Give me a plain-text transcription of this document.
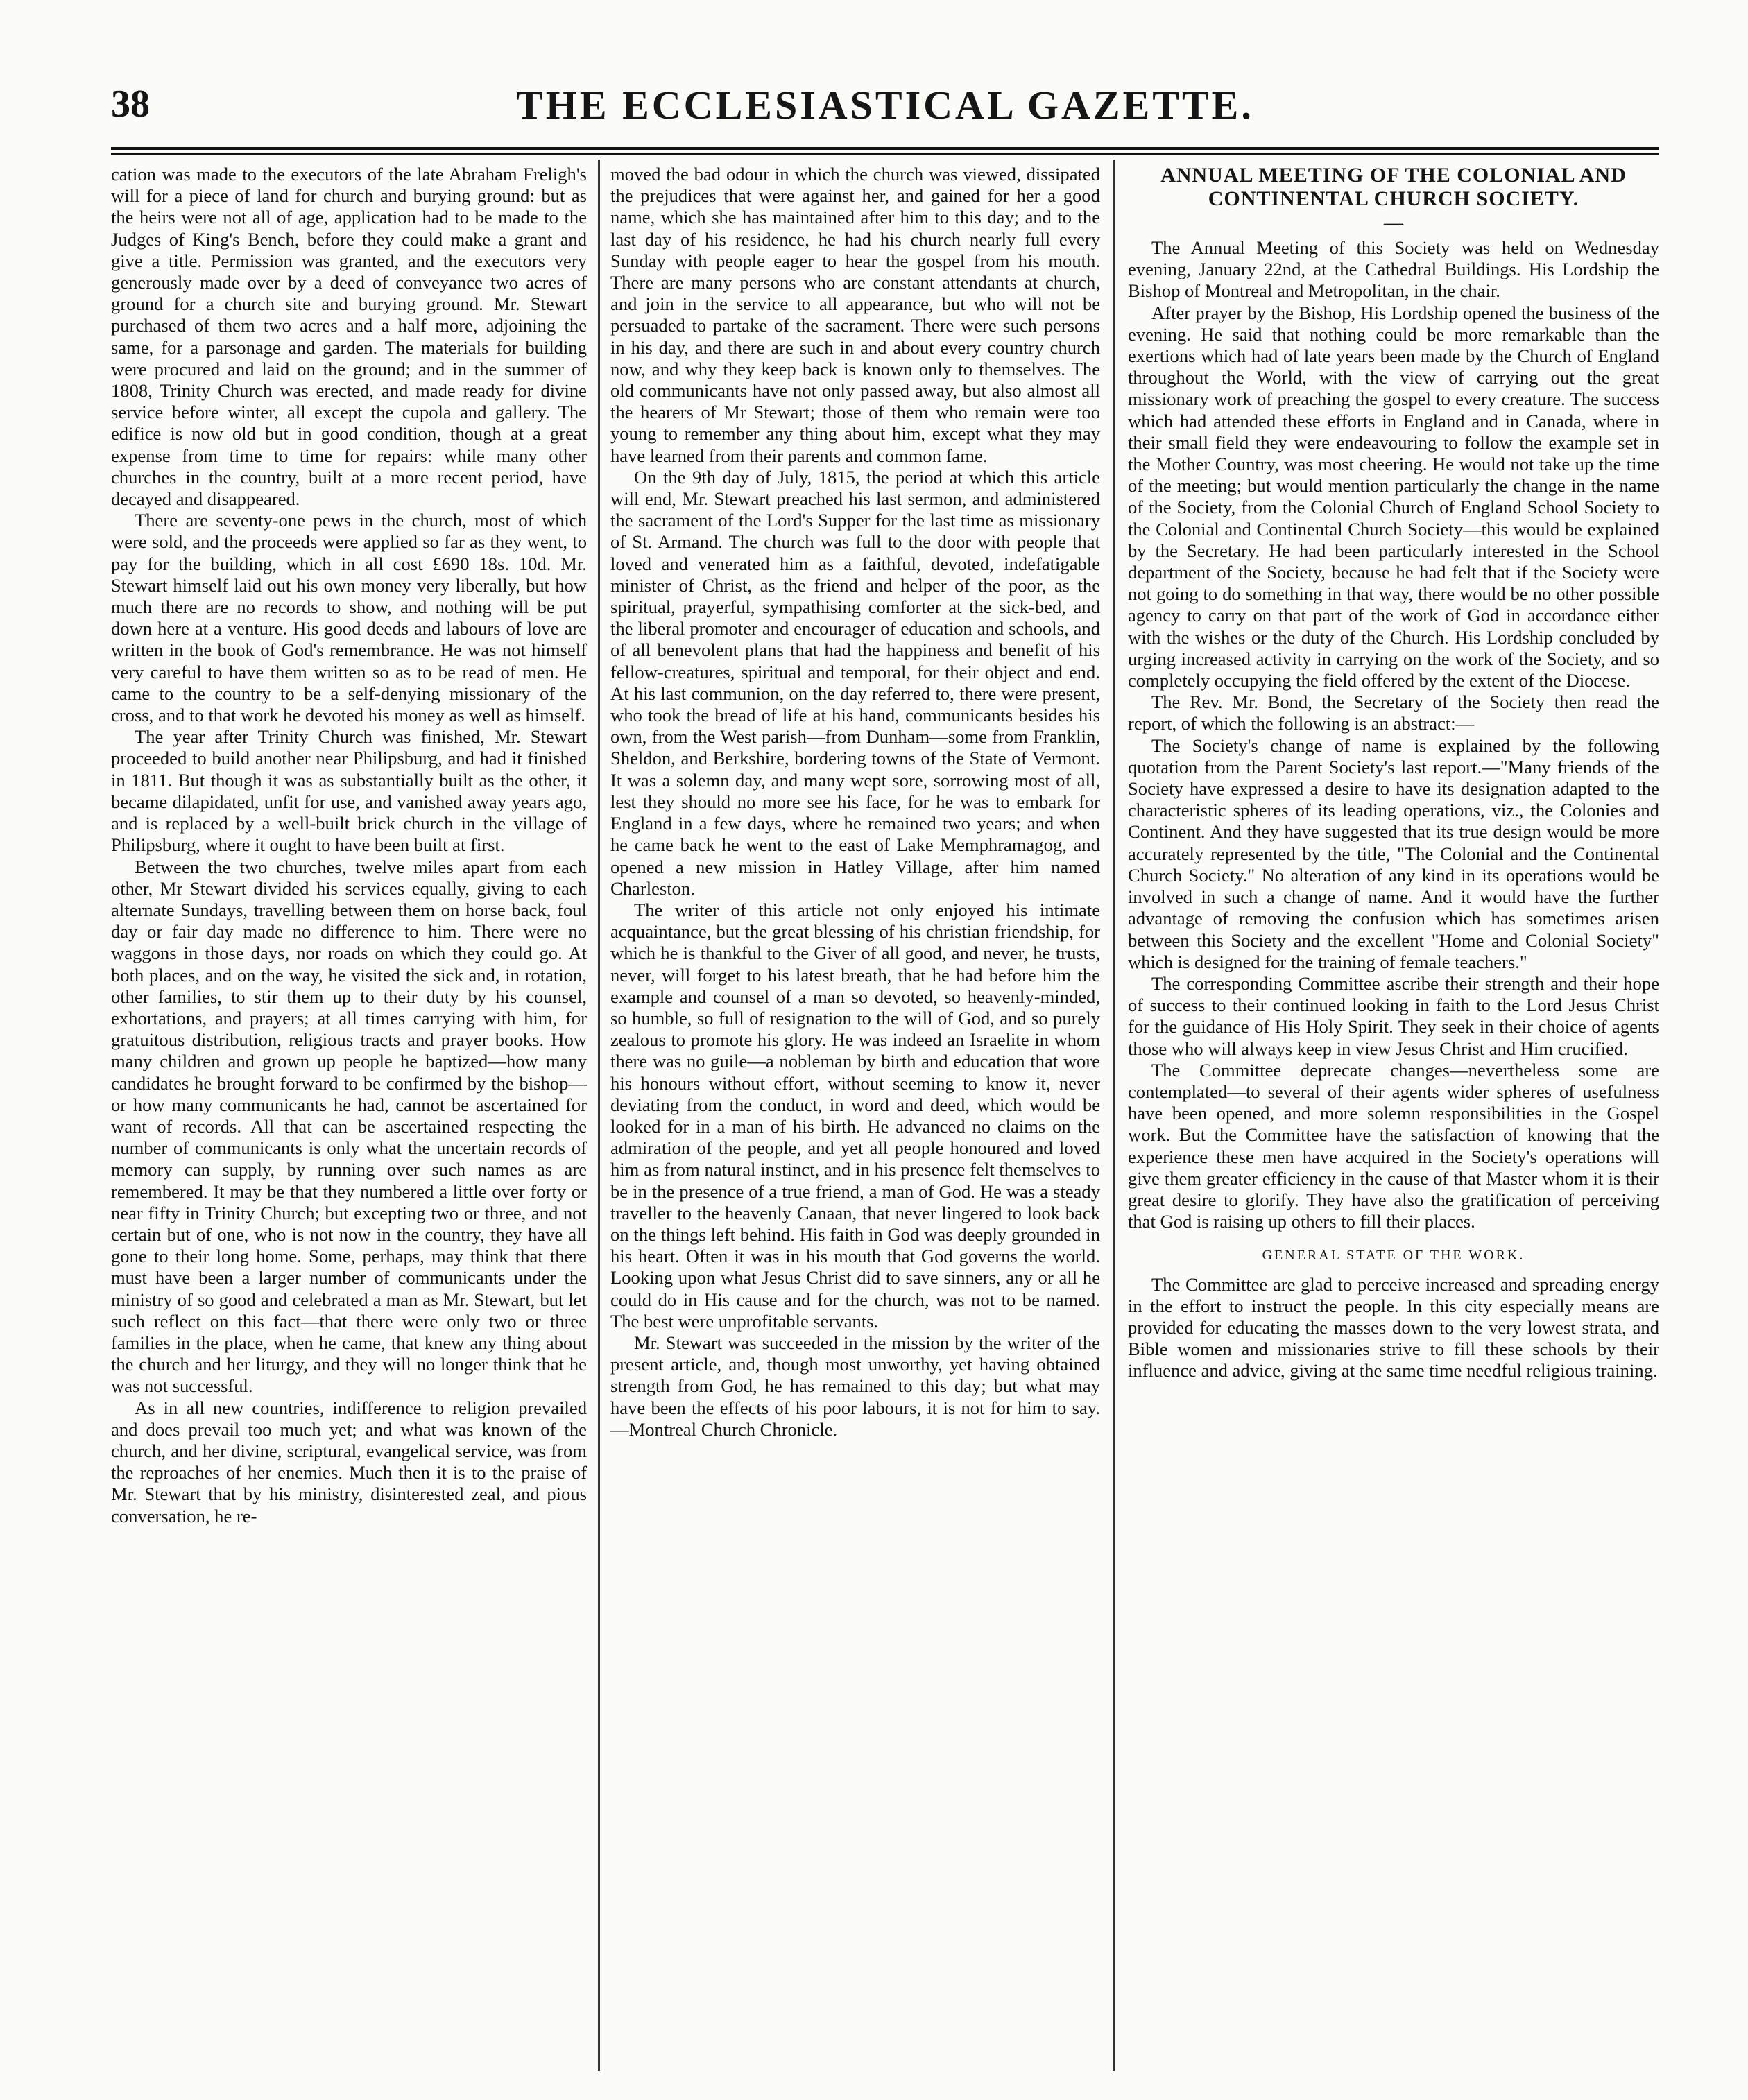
38	THE ECCLESIASTICAL GAZETTE.

cation was made to the executors of the late Abraham Freligh's will for a piece of land for church and burying ground: but as the heirs were not all of age, application had to be made to the Judges of King's Bench, before they could make a grant and give a title. Permission was granted, and the executors very generously made over by a deed of conveyance two acres of ground for a church site and burying ground. Mr. Stewart purchased of them two acres and a half more, adjoining the same, for a parsonage and garden. The materials for building were procured and laid on the ground; and in the summer of 1808, Trinity Church was erected, and made ready for divine service before winter, all except the cupola and gallery. The edifice is now old but in good condition, though at a great expense from time to time for repairs: while many other churches in the country, built at a more recent period, have decayed and disappeared.

There are seventy-one pews in the church, most of which were sold, and the proceeds were applied so far as they went, to pay for the building, which in all cost £690 18s. 10d. Mr. Stewart himself laid out his own money very liberally, but how much there are no records to show, and nothing will be put down here at a venture. His good deeds and labours of love are written in the book of God's remembrance. He was not himself very careful to have them written so as to be read of men. He came to the country to be a self-denying missionary of the cross, and to that work he devoted his money as well as himself.

The year after Trinity Church was finished, Mr. Stewart proceeded to build another near Philipsburg, and had it finished in 1811. But though it was as substantially built as the other, it became dilapidated, unfit for use, and vanished away years ago, and is replaced by a well-built brick church in the village of Philipsburg, where it ought to have been built at first.

Between the two churches, twelve miles apart from each other, Mr Stewart divided his services equally, giving to each alternate Sundays, travelling between them on horse back, foul day or fair day made no difference to him. There were no waggons in those days, nor roads on which they could go. At both places, and on the way, he visited the sick and, in rotation, other families, to stir them up to their duty by his counsel, exhortations, and prayers; at all times carrying with him, for gratuitous distribution, religious tracts and prayer books. How many children and grown up people he baptized—how many candidates he brought forward to be confirmed by the bishop—or how many communicants he had, cannot be ascertained for want of records. All that can be ascertained respecting the number of communicants is only what the uncertain records of memory can supply, by running over such names as are remembered. It may be that they numbered a little over forty or near fifty in Trinity Church; but excepting two or three, and not certain but of one, who is not now in the country, they have all gone to their long home. Some, perhaps, may think that there must have been a larger number of communicants under the ministry of so good and celebrated a man as Mr. Stewart, but let such reflect on this fact—that there were only two or three families in the place, when he came, that knew any thing about the church and her liturgy, and they will no longer think that he was not successful.

As in all new countries, indifference to religion prevailed and does prevail too much yet; and what was known of the church, and her divine, scriptural, evangelical service, was from the reproaches of her enemies. Much then it is to the praise of Mr. Stewart that by his ministry, disinterested zeal, and pious conversation, he re-

moved the bad odour in which the church was viewed, dissipated the prejudices that were against her, and gained for her a good name, which she has maintained after him to this day; and to the last day of his residence, he had his church nearly full every Sunday with people eager to hear the gospel from his mouth. There are many persons who are constant attendants at church, and join in the service to all appearance, but who will not be persuaded to partake of the sacrament. There were such persons in his day, and there are such in and about every country church now, and why they keep back is known only to themselves. The old communicants have not only passed away, but also almost all the hearers of Mr Stewart; those of them who remain were too young to remember any thing about him, except what they may have learned from their parents and common fame.

On the 9th day of July, 1815, the period at which this article will end, Mr. Stewart preached his last sermon, and administered the sacrament of the Lord's Supper for the last time as missionary of St. Armand. The church was full to the door with people that loved and venerated him as a faithful, devoted, indefatigable minister of Christ, as the friend and helper of the poor, as the spiritual, prayerful, sympathising comforter at the sick-bed, and the liberal promoter and encourager of education and schools, and of all benevolent plans that had the happiness and benefit of his fellow-creatures, spiritual and temporal, for their object and end. At his last communion, on the day referred to, there were present, who took the bread of life at his hand, communicants besides his own, from the West parish—from Dunham—some from Franklin, Sheldon, and Berkshire, bordering towns of the State of Vermont. It was a solemn day, and many wept sore, sorrowing most of all, lest they should no more see his face, for he was to embark for England in a few days, where he remained two years; and when he came back he went to the east of Lake Memphramagog, and opened a new mission in Hatley Village, after him named Charleston.

The writer of this article not only enjoyed his intimate acquaintance, but the great blessing of his christian friendship, for which he is thankful to the Giver of all good, and never, he trusts, never, will forget to his latest breath, that he had before him the example and counsel of a man so devoted, so heavenly-minded, so humble, so full of resignation to the will of God, and so purely zealous to promote his glory. He was indeed an Israelite in whom there was no guile—a nobleman by birth and education that wore his honours without effort, without seeming to know it, never deviating from the conduct, in word and deed, which would be looked for in a man of his birth. He advanced no claims on the admiration of the people, and yet all people honoured and loved him as from natural instinct, and in his presence felt themselves to be in the presence of a true friend, a man of God. He was a steady traveller to the heavenly Canaan, that never lingered to look back on the things left behind. His faith in God was deeply grounded in his heart. Often it was in his mouth that God governs the world. Looking upon what Jesus Christ did to save sinners, any or all he could do in His cause and for the church, was not to be named. The best were unprofitable servants.

Mr. Stewart was succeeded in the mission by the writer of the present article, and, though most unworthy, yet having obtained strength from God, he has remained to this day; but what may have been the effects of his poor labours, it is not for him to say.—Montreal Church Chronicle.

ANNUAL MEETING OF THE COLONIAL AND CONTINENTAL CHURCH SOCIETY.
—

The Annual Meeting of this Society was held on Wednesday evening, January 22nd, at the Cathedral Buildings. His Lordship the Bishop of Montreal and Metropolitan, in the chair.

After prayer by the Bishop, His Lordship opened the business of the evening. He said that nothing could be more remarkable than the exertions which had of late years been made by the Church of England throughout the World, with the view of carrying out the great missionary work of preaching the gospel to every creature. The success which had attended these efforts in England and in Canada, where in their small field they were endeavouring to follow the example set in the Mother Country, was most cheering. He would not take up the time of the meeting; but would mention particularly the change in the name of the Society, from the Colonial Church of England School Society to the Colonial and Continental Church Society—this would be explained by the Secretary. He had been particularly interested in the School department of the Society, because he had felt that if the Society were not going to do something in that way, there would be no other possible agency to carry on that part of the work of God in accordance either with the wishes or the duty of the Church. His Lordship concluded by urging increased activity in carrying on the work of the Society, and so completely occupying the field offered by the extent of the Diocese.

The Rev. Mr. Bond, the Secretary of the Society then read the report, of which the following is an abstract:—

The Society's change of name is explained by the following quotation from the Parent Society's last report.—"Many friends of the Society have expressed a desire to have its designation adapted to the characteristic spheres of its leading operations, viz., the Colonies and Continent. And they have suggested that its true design would be more accurately represented by the title, "The Colonial and the Continental Church Society." No alteration of any kind in its operations would be involved in such a change of name. And it would have the further advantage of removing the confusion which has sometimes arisen between this Society and the excellent "Home and Colonial Society" which is designed for the training of female teachers."

The corresponding Committee ascribe their strength and their hope of success to their continued looking in faith to the Lord Jesus Christ for the guidance of His Holy Spirit. They seek in their choice of agents those who will always keep in view Jesus Christ and Him crucified.

The Committee deprecate changes—nevertheless some are contemplated—to several of their agents wider spheres of usefulness have been opened, and more solemn responsibilities in the Gospel work. But the Committee have the satisfaction of knowing that the experience these men have acquired in the Society's operations will give them greater efficiency in the cause of that Master whom it is their great desire to glorify. They have also the gratification of perceiving that God is raising up others to fill their places.

GENERAL STATE OF THE WORK.

The Committee are glad to perceive increased and spreading energy in the effort to instruct the people. In this city especially means are provided for educating the masses down to the very lowest strata, and Bible women and missionaries strive to fill these schools by their influence and advice, giving at the same time needful religious training.
